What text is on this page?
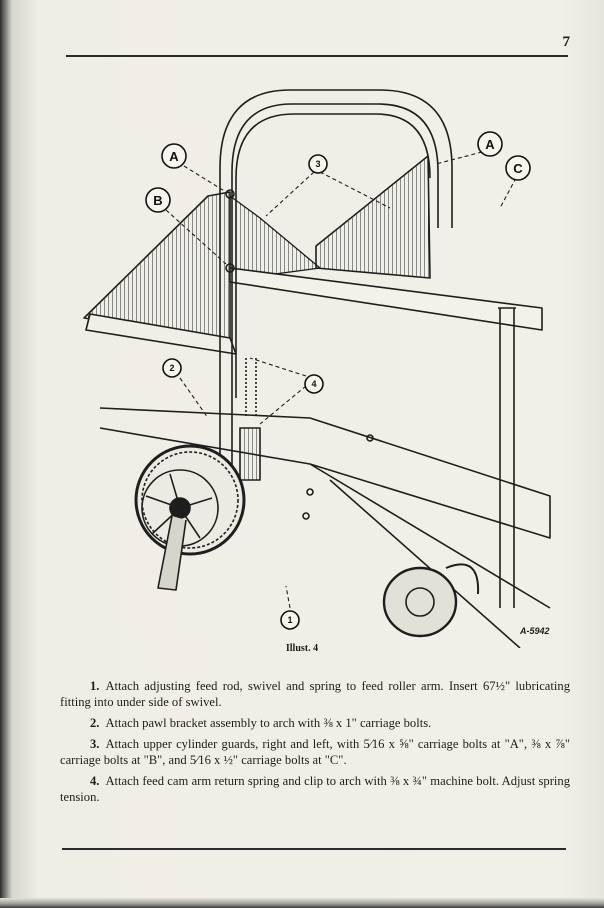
7
A
B
3
A
C
2
4
1
A-5942
Illust. 4

1. Attach adjusting feed rod, swivel and spring to feed roller arm. Insert 67½" lubricating fitting into under side of swivel.

2. Attach pawl bracket assembly to arch with ⅜ x 1" carriage bolts.

3. Attach upper cylinder guards, right and left, with 5⁄16 x ⅝" carriage bolts at "A", ⅜ x ⅞" carriage bolts at "B", and 5⁄16 x ½" carriage bolts at "C".

4. Attach feed cam arm return spring and clip to arch with ⅜ x ¾" machine bolt. Adjust spring tension.
